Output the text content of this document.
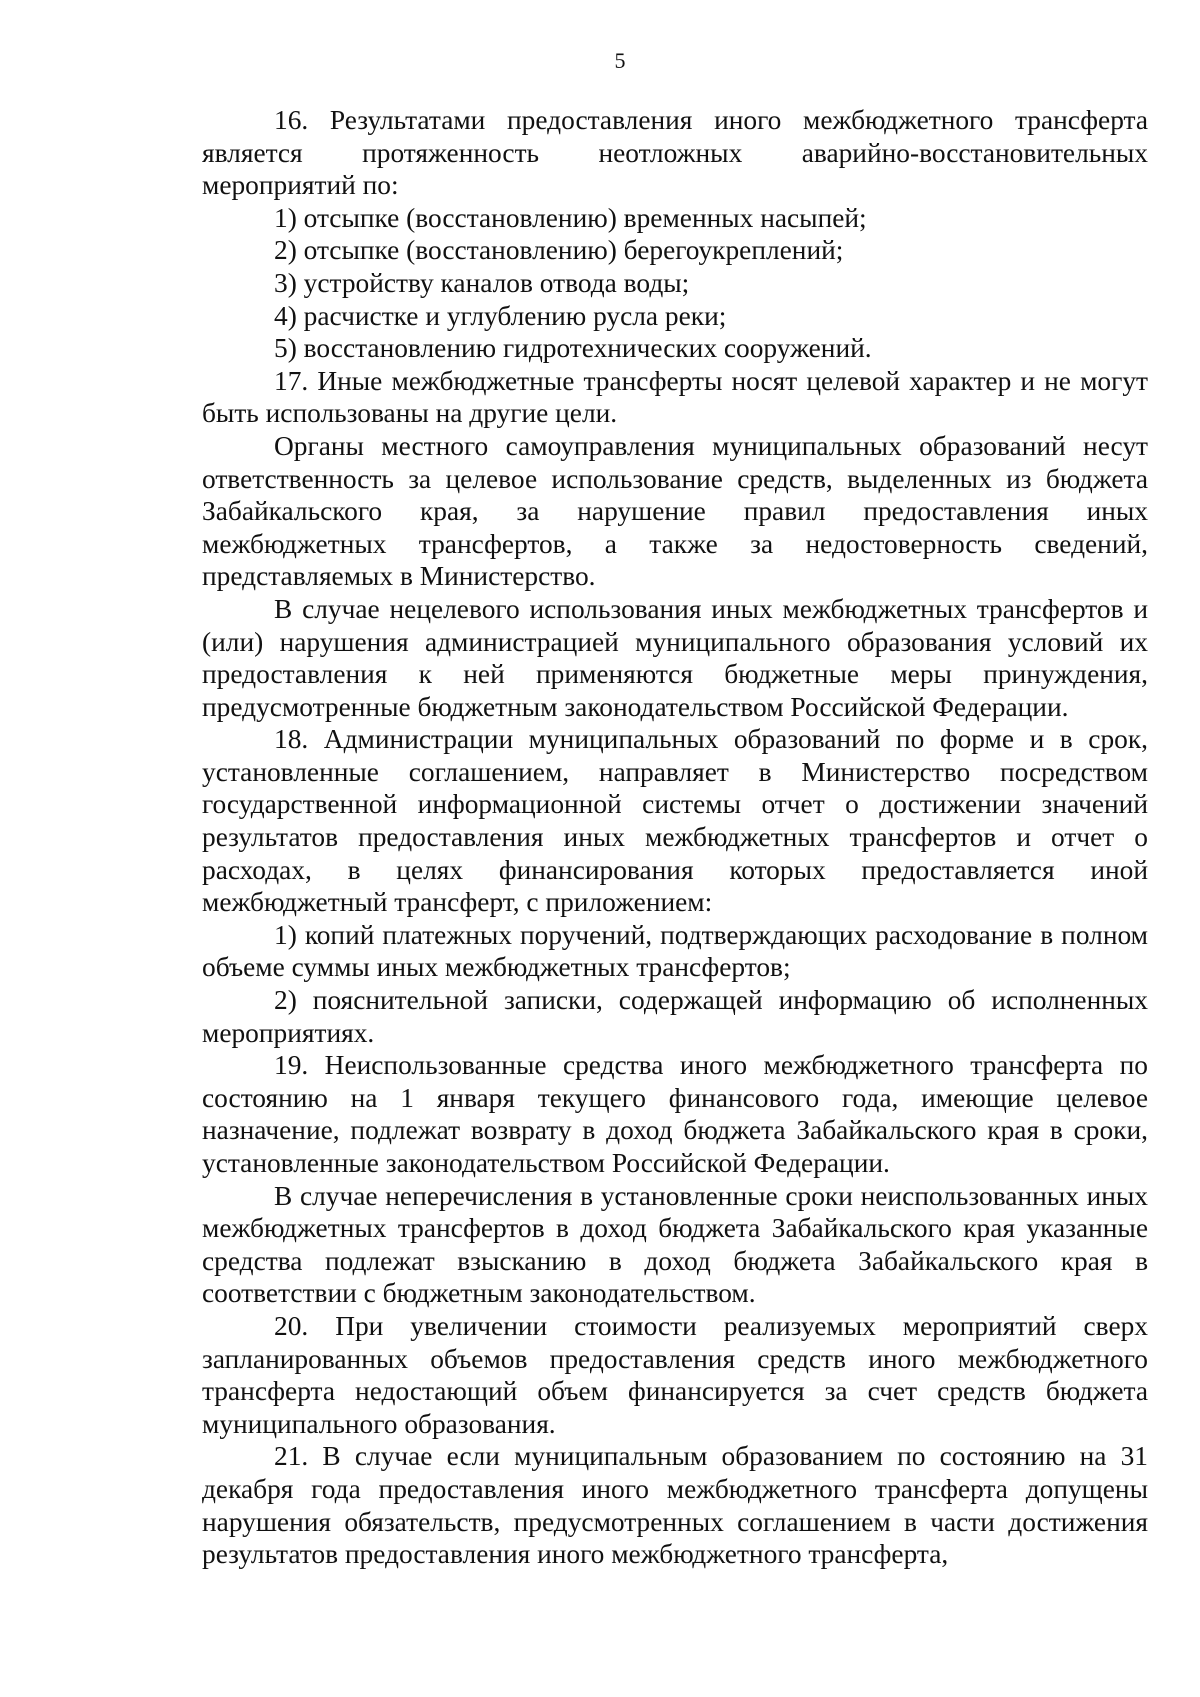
5

16. Результатами предоставления иного межбюджетного трансферта является протяженность неотложных аварийно-восстановительных мероприятий по:

1) отсыпке (восстановлению) временных насыпей;

2) отсыпке (восстановлению) берегоукреплений;

3) устройству каналов отвода воды;

4) расчистке и углублению русла реки;

5) восстановлению гидротехнических сооружений.

17. Иные межбюджетные трансферты носят целевой характер и не могут быть использованы на другие цели.

Органы местного самоуправления муниципальных образований несут ответственность за целевое использование средств, выделенных из бюджета Забайкальского края, за нарушение правил предоставления иных межбюджетных трансфертов, а также за недостоверность сведений, представляемых в Министерство.

В случае нецелевого использования иных межбюджетных трансфертов и (или) нарушения администрацией муниципального образования условий их предоставления к ней применяются бюджетные меры принуждения, предусмотренные бюджетным законодательством Российской Федерации.

18. Администрации муниципальных образований по форме и в срок, установленные соглашением, направляет в Министерство посредством государственной информационной системы отчет о достижении значений результатов предоставления иных межбюджетных трансфертов и отчет о расходах, в целях финансирования которых предоставляется иной межбюджетный трансферт, с приложением:

1) копий платежных поручений, подтверждающих расходование в полном объеме суммы иных межбюджетных трансфертов;

2) пояснительной записки, содержащей информацию об исполненных мероприятиях.

19. Неиспользованные средства иного межбюджетного трансферта по состоянию на 1 января текущего финансового года, имеющие целевое назначение, подлежат возврату в доход бюджета Забайкальского края в сроки, установленные законодательством Российской Федерации.

В случае неперечисления в установленные сроки неиспользованных иных межбюджетных трансфертов в доход бюджета Забайкальского края указанные средства подлежат взысканию в доход бюджета Забайкальского края в соответствии с бюджетным законодательством.

20. При увеличении стоимости реализуемых мероприятий сверх запланированных объемов предоставления средств иного межбюджетного трансферта недостающий объем финансируется за счет средств бюджета муниципального образования.

21. В случае если муниципальным образованием по состоянию на 31 декабря года предоставления иного межбюджетного трансферта допущены нарушения обязательств, предусмотренных соглашением в части достижения результатов предоставления иного межбюджетного трансферта,
